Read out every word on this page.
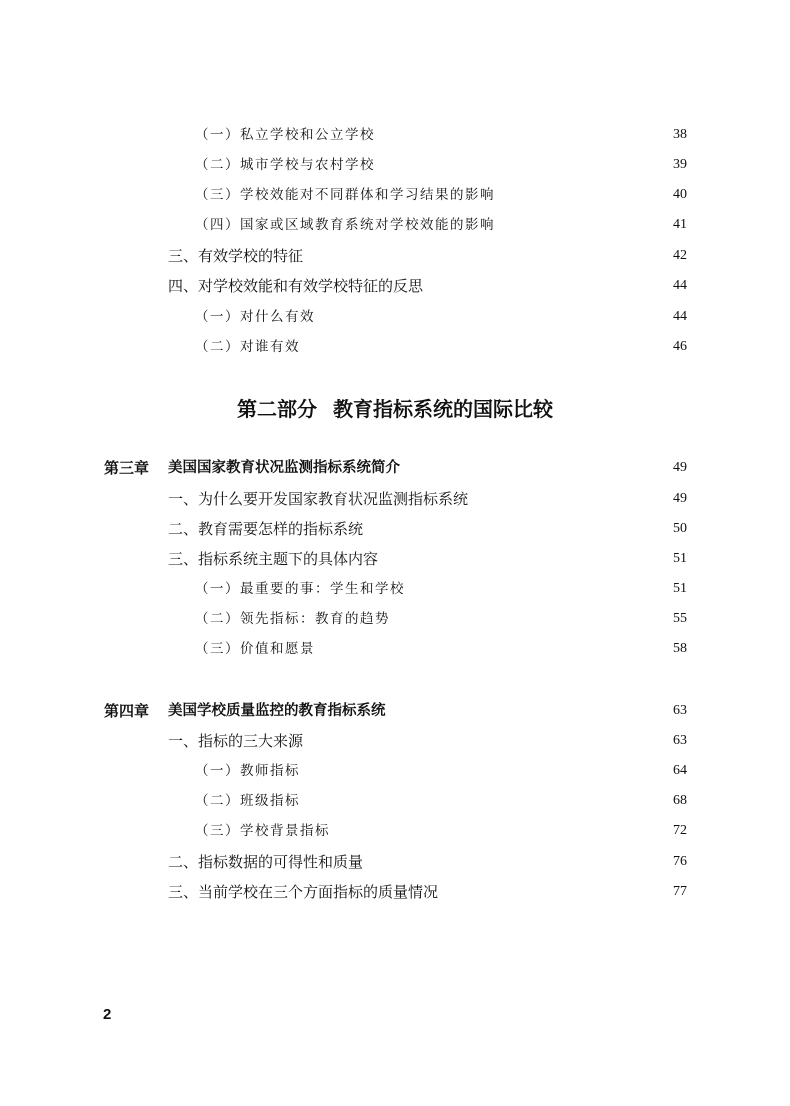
（一）私立学校和公立学校	38
（二）城市学校与农村学校	39
（三）学校效能对不同群体和学习结果的影响	40
（四）国家或区域教育系统对学校效能的影响	41
三、有效学校的特征	42
四、对学校效能和有效学校特征的反思	44
（一）对什么有效	44
（二）对谁有效	46
第二部分 教育指标系统的国际比较
第三章 美国国家教育状况监测指标系统简介	49
一、为什么要开发国家教育状况监测指标系统	49
二、教育需要怎样的指标系统	50
三、指标系统主题下的具体内容	51
（一）最重要的事：学生和学校	51
（二）领先指标：教育的趋势	55
（三）价值和愿景	58
第四章 美国学校质量监控的教育指标系统	63
一、指标的三大来源	63
（一）教师指标	64
（二）班级指标	68
（三）学校背景指标	72
二、指标数据的可得性和质量	76
三、当前学校在三个方面指标的质量情况	77
2
